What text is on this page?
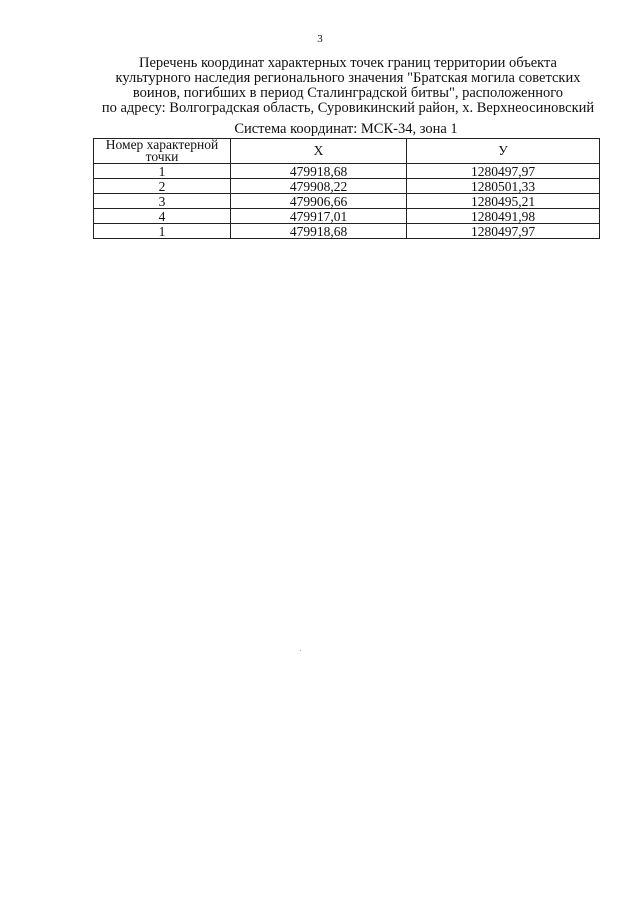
3
Перечень координат характерных точек границ территории объекта
культурного наследия регионального значения "Братская могила советских
воинов, погибших в период Сталинградской битвы", расположенного
по адресу: Волгоградская область, Суровикинский район, х. Верхнеосиновский
Система координат: МСК-34, зона 1
Номер характерной точки	X	У
1	479918,68	1280497,97
2	479908,22	1280501,33
3	479906,66	1280495,21
4	479917,01	1280491,98
1	479918,68	1280497,97
